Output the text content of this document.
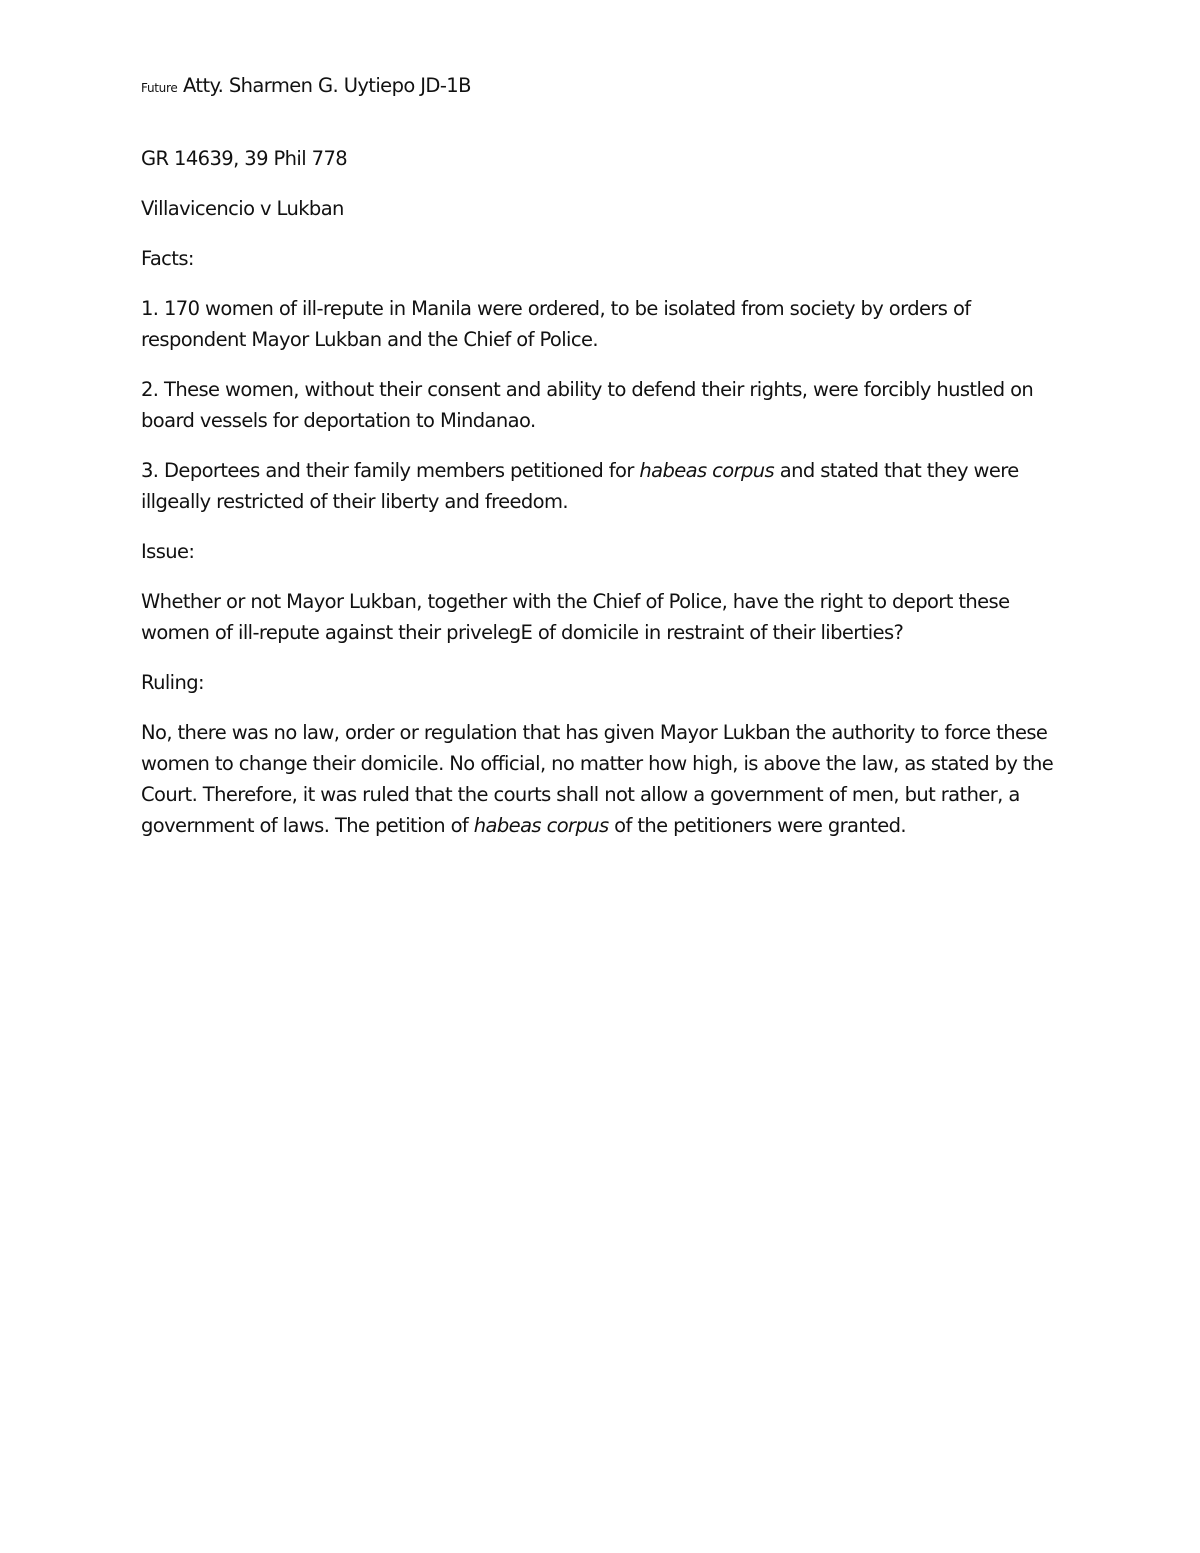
Future Atty. Sharmen G. Uytiepo JD-1B
GR 14639, 39 Phil 778
Villavicencio v Lukban
Facts:
1. 170 women of ill-repute in Manila were ordered, to be isolated from society by orders of respondent Mayor Lukban and the Chief of Police.
2. These women, without their consent and ability to defend their rights, were forcibly hustled on board vessels for deportation to Mindanao.
3. Deportees and their family members petitioned for habeas corpus and stated that they were illgeally restricted of their liberty and freedom.
Issue:
Whether or not Mayor Lukban, together with the Chief of Police, have the right to deport these women of ill-repute against their privelegE of domicile in restraint of their liberties?
Ruling:
No, there was no law, order or regulation that has given Mayor Lukban the authority to force these women to change their domicile. No official, no matter how high, is above the law, as stated by the Court. Therefore, it was ruled that the courts shall not allow a government of men, but rather, a government of laws. The petition of habeas corpus of the petitioners were granted.
